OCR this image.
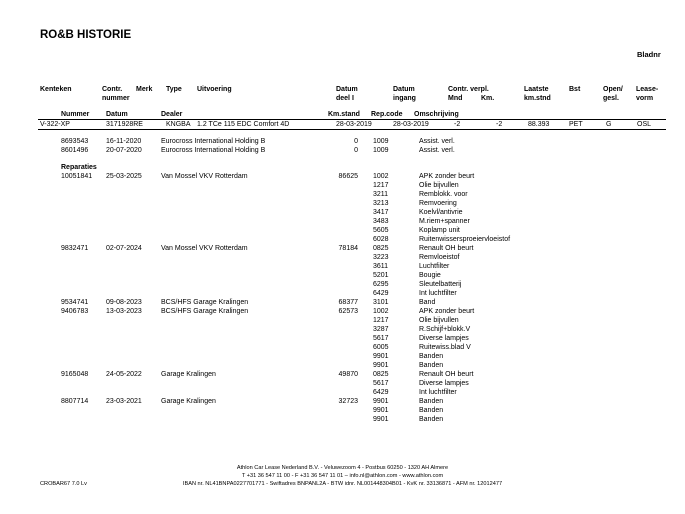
RO&B HISTORIE
Bladnr
Kenteken	Contr.
nummer
Merk Type Uitvoering	Datum
deel I
Datum
ingang
Contr. verpl.
Mnd	Km.
Laatste
km.stnd
Bst	Open/
gesl.
Lease-
vorm
Nummer Datum	Dealer	Km.stand Rep.code Omschrijving
V-322-XP	3171928RE	KNGBA 1.2 TCe 115 EDC Comfort 4D	28-03-2019	28-03-2019	-2	-2	88.393	PET	G	OSL
8693543	16-11-2020	Eurocross International Holding B	0 1009	Assist. verl.
8601496	20-07-2020	Eurocross International Holding B	0 1009	Assist. verl.
Reparaties
10051841 25-03-2025	Van Mossel VKV Rotterdam	86625 1002	APK zonder beurt
1217	Olie bijvullen
3211	Remblokk. voor
3213	Remvoering
3417	Koelvl/antivrie
3483	M.riem+spanner
5605	Koplamp unit
6028	Ruitenwissersproeiervloeistof
9832471	02-07-2024	Van Mossel VKV Rotterdam	78184 0825	Renault OH beurt
3223	Remvloeistof
3611	Luchtfilter
5201	Bougie
6295	Sleutelbatterij
6429	Int luchtfilter
9534741	09-08-2023	BCS/HFS Garage Kralingen	68377 3101	Band
9406783	13-03-2023	BCS/HFS Garage Kralingen	62573 1002	APK zonder beurt
1217	Olie bijvullen
3287	R.Schijf+blokk.V
5617	Diverse lampjes
6005	Ruitewiss.blad V
9901	Banden
9901	Banden
9165048	24-05-2022	Garage Kralingen	49870 0825	Renault OH beurt
5617	Diverse lampjes
6429	Int luchtfilter
8807714	23-03-2021	Garage Kralingen	32723 9901	Banden
9901	Banden
9901	Banden
Athlon Car Lease Nederland B.V. - Veluwezoom 4 - Postbus 60250 - 1320 AH Almere
T +31 36 547 11 00 - F +31 36 547 11 01 – info.nl@athlon.com - www.athlon.com
IBAN nr. NL41BNPA0227701771 - Swiftadres BNPANL2A - BTW idnr. NL001448304B01 - KvK nr. 33136871 - AFM nr. 12012477
CROBAR67 7.0 Lv
